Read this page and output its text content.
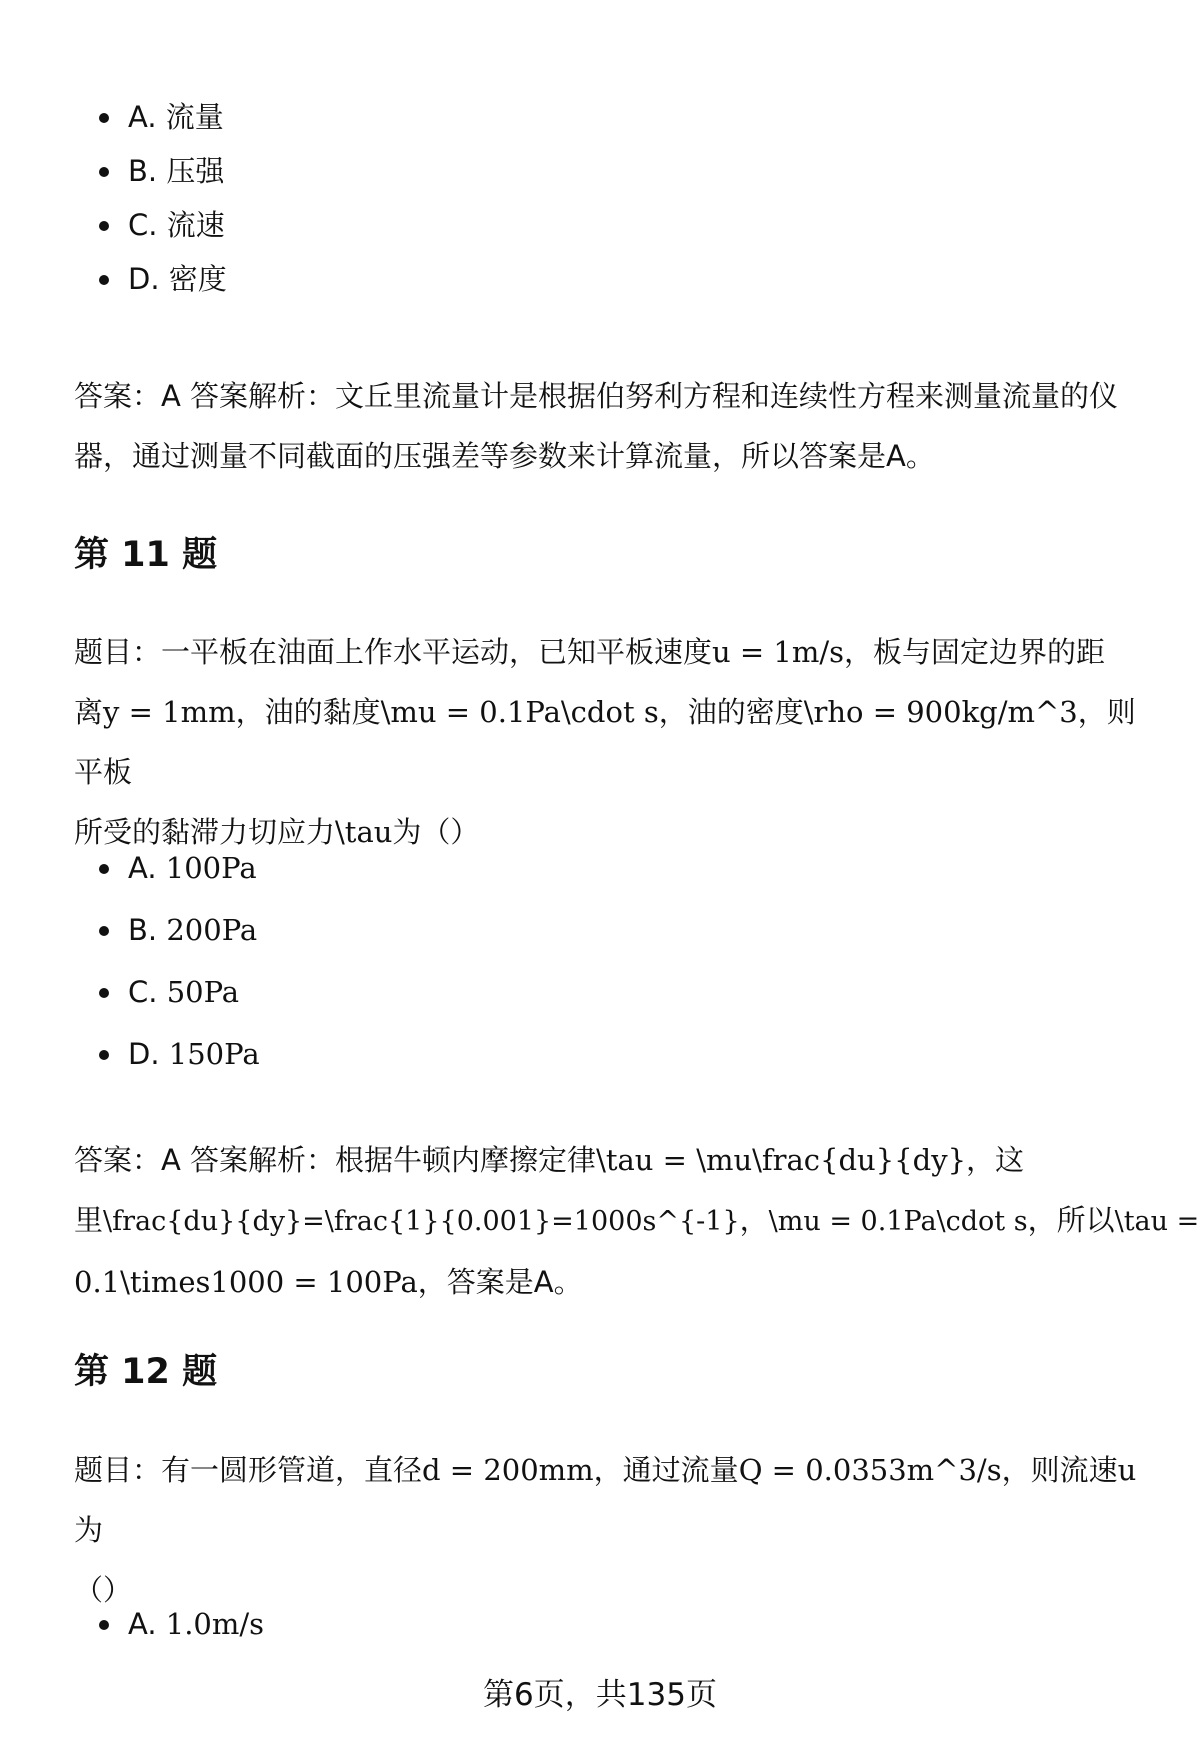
A. 流量
B. 压强
C. 流速
D. 密度

答案：A 答案解析：文丘里流量计是根据伯努利方程和连续性方程来测量流量的仪

器，通过测量不同截面的压强差等参数来计算流量，所以答案是A。

第 11 题

题目：一平板在油面上作水平运动，已知平板速度u = 1m/s，板与固定边界的距

离y = 1mm，油的黏度\mu = 0.1Pa\cdot s，油的密度\rho = 900kg/m^3，则平板

所受的黏滞力切应力\tau为（）

A. 100Pa
B. 200Pa
C. 50Pa
D. 150Pa

答案：A 答案解析：根据牛顿内摩擦定律\tau = \mu\frac{du}{dy}，这

里\frac{du}{dy}=\frac{1}{0.001}=1000s^{-1}，\mu = 0.1Pa\cdot s，所以\tau =

0.1\times1000 = 100Pa，答案是A。

第 12 题

题目：有一圆形管道，直径d = 200mm，通过流量Q = 0.0353m^3/s，则流速u为

（）

A. 1.0m/s
第6页，共135页
